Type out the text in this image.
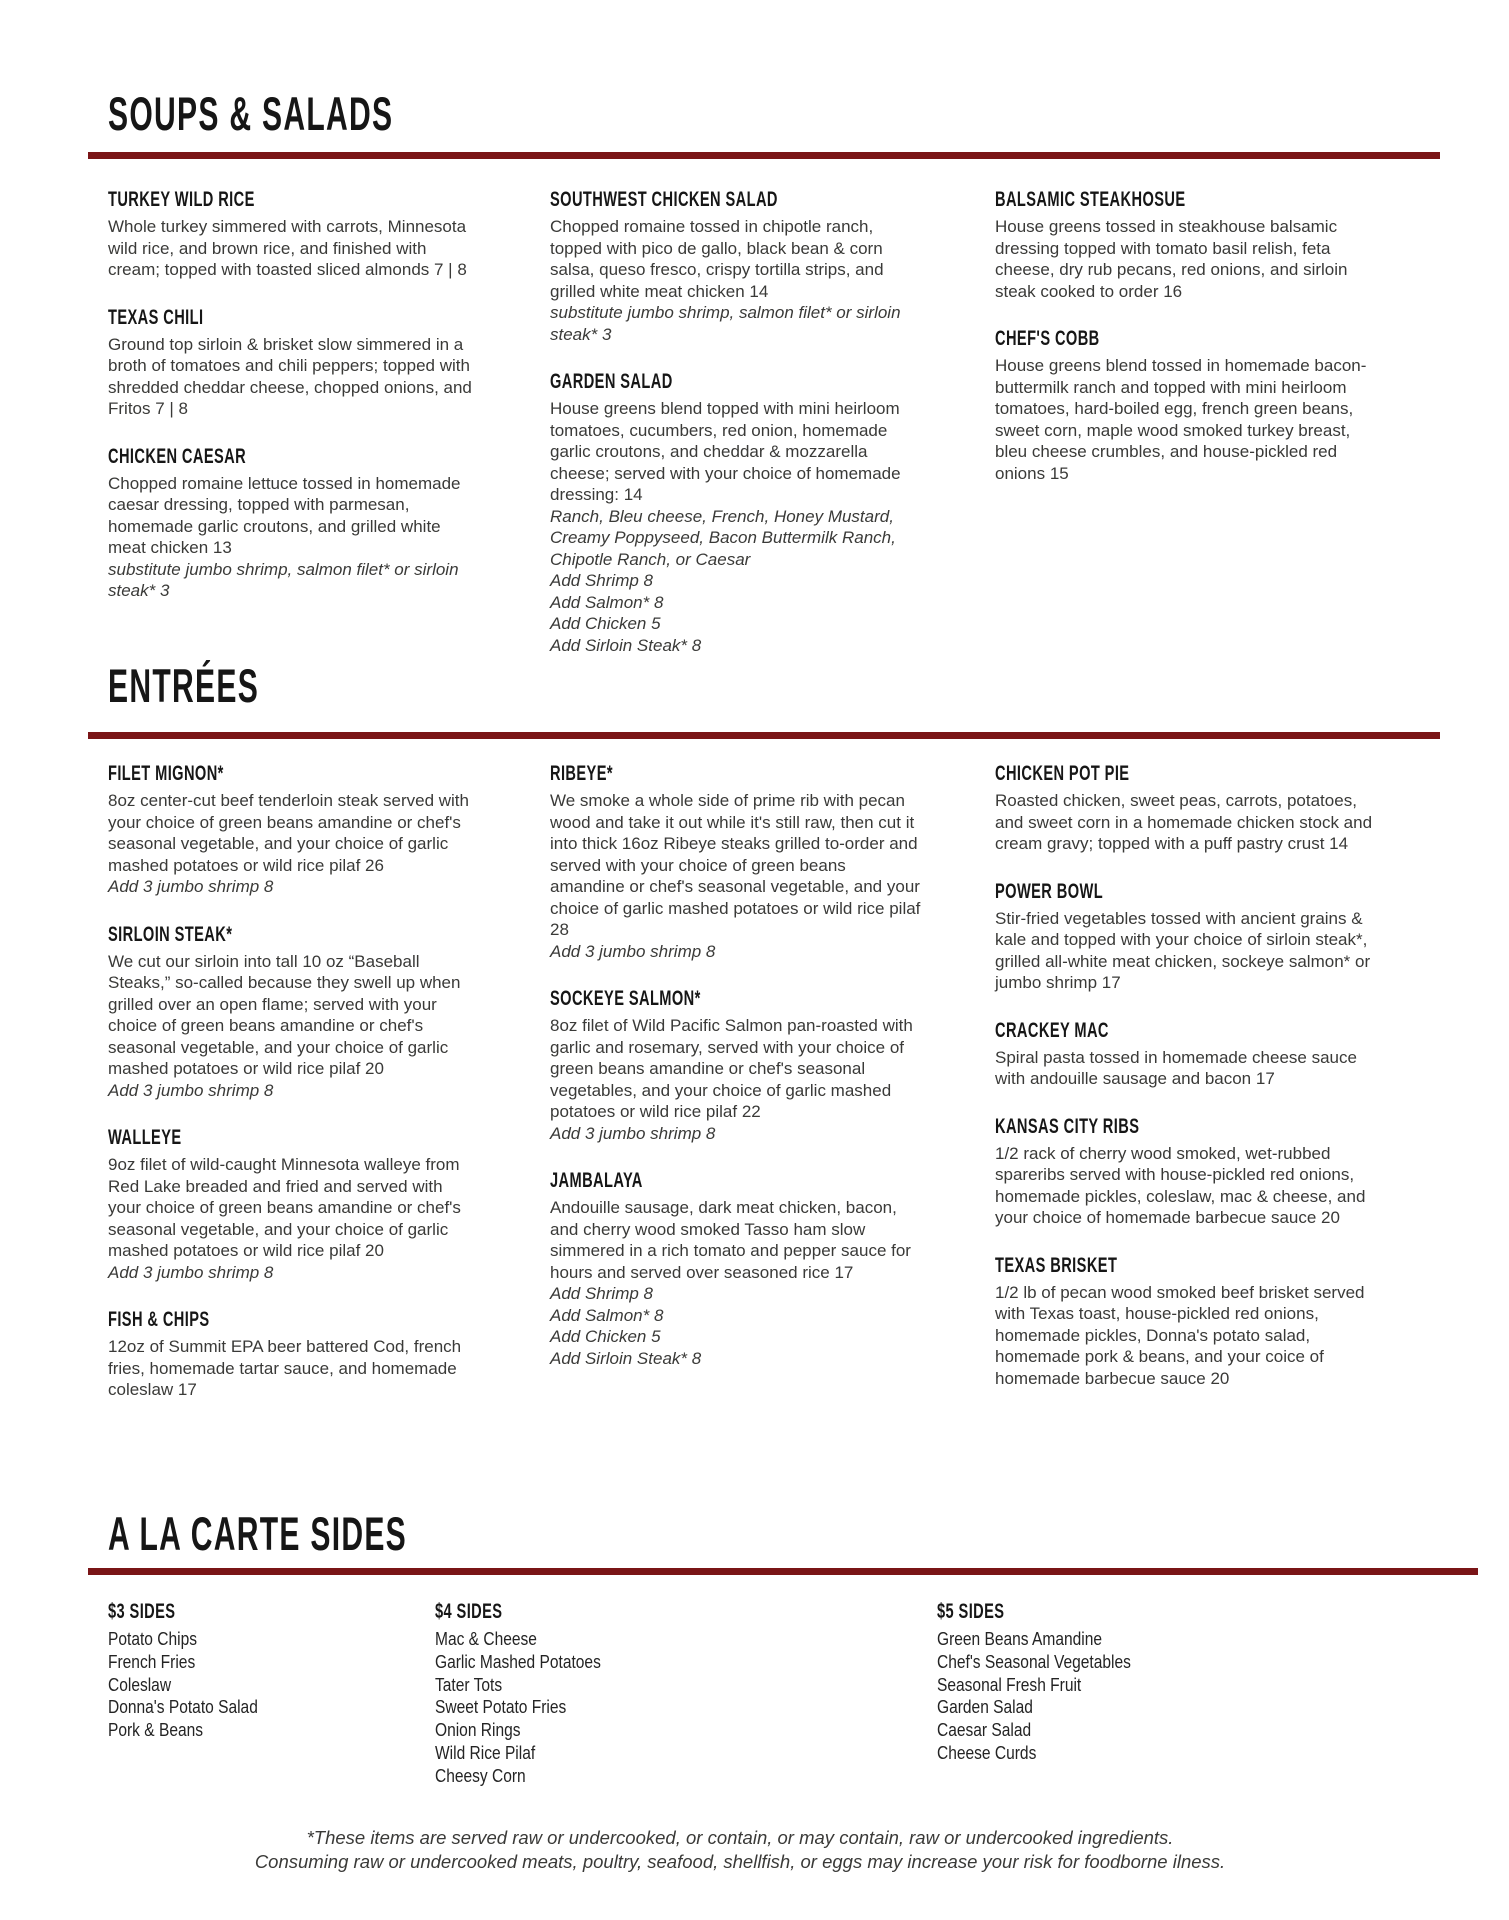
SOUPS & SALADS
TURKEY WILD RICE

Whole turkey simmered with carrots, Minnesota wild rice, and brown rice, and finished with cream; topped with toasted sliced almonds 7 | 8

TEXAS CHILI

Ground top sirloin & brisket slow simmered in a broth of tomatoes and chili peppers; topped with shredded cheddar cheese, chopped onions, and Fritos 7 | 8

CHICKEN CAESAR

Chopped romaine lettuce tossed in homemade caesar dressing, topped with parmesan, homemade garlic croutons, and grilled white meat chicken 13

substitute jumbo shrimp, salmon filet* or sirloin steak* 3

SOUTHWEST CHICKEN SALAD

Chopped romaine tossed in chipotle ranch, topped with pico de gallo, black bean & corn salsa, queso fresco, crispy tortilla strips, and grilled white meat chicken 14

substitute jumbo shrimp, salmon filet* or sirloin steak* 3

GARDEN SALAD

House greens blend topped with mini heirloom tomatoes, cucumbers, red onion, homemade garlic croutons, and cheddar & mozzarella cheese; served with your choice of homemade dressing: 14

Ranch, Bleu cheese, French, Honey Mustard, Creamy Poppyseed, Bacon Buttermilk Ranch, Chipotle Ranch, or Caesar

Add Shrimp 8

Add Salmon* 8

Add Chicken 5

Add Sirloin Steak* 8

BALSAMIC STEAKHOSUE

House greens tossed in steakhouse balsamic dressing topped with tomato basil relish, feta cheese, dry rub pecans, red onions, and sirloin steak cooked to order 16

CHEF'S COBB

House greens blend tossed in homemade bacon-buttermilk ranch and topped with mini heirloom tomatoes, hard-boiled egg, french green beans, sweet corn, maple wood smoked turkey breast, bleu cheese crumbles, and house-pickled red onions 15

ENTRÉES
FILET MIGNON*

8oz center-cut beef tenderloin steak served with your choice of green beans amandine or chef's seasonal vegetable, and your choice of garlic mashed potatoes or wild rice pilaf 26

Add 3 jumbo shrimp 8

SIRLOIN STEAK*

We cut our sirloin into tall 10 oz “Baseball Steaks,” so-called because they swell up when grilled over an open flame; served with your choice of green beans amandine or chef's seasonal vegetable, and your choice of garlic mashed potatoes or wild rice pilaf 20

Add 3 jumbo shrimp 8

WALLEYE

9oz filet of wild-caught Minnesota walleye from Red Lake breaded and fried and served with your choice of green beans amandine or chef's seasonal vegetable, and your choice of garlic mashed potatoes or wild rice pilaf 20

Add 3 jumbo shrimp 8

FISH & CHIPS

12oz of Summit EPA beer battered Cod, french fries, homemade tartar sauce, and homemade coleslaw 17

RIBEYE*

We smoke a whole side of prime rib with pecan wood and take it out while it's still raw, then cut it into thick 16oz Ribeye steaks grilled to-order and served with your choice of green beans amandine or chef's seasonal vegetable, and your choice of garlic mashed potatoes or wild rice pilaf 28

Add 3 jumbo shrimp 8

SOCKEYE SALMON*

8oz filet of Wild Pacific Salmon pan-roasted with garlic and rosemary, served with your choice of green beans amandine or chef's seasonal vegetables, and your choice of garlic mashed potatoes or wild rice pilaf 22

Add 3 jumbo shrimp 8

JAMBALAYA

Andouille sausage, dark meat chicken, bacon, and cherry wood smoked Tasso ham slow simmered in a rich tomato and pepper sauce for hours and served over seasoned rice 17

Add Shrimp 8

Add Salmon* 8

Add Chicken 5

Add Sirloin Steak* 8

CHICKEN POT PIE

Roasted chicken, sweet peas, carrots, potatoes, and sweet corn in a homemade chicken stock and cream gravy; topped with a puff pastry crust 14

POWER BOWL

Stir-fried vegetables tossed with ancient grains & kale and topped with your choice of sirloin steak*, grilled all-white meat chicken, sockeye salmon* or jumbo shrimp 17

CRACKEY MAC

Spiral pasta tossed in homemade cheese sauce with andouille sausage and bacon 17

KANSAS CITY RIBS

1/2 rack of cherry wood smoked, wet-rubbed spareribs served with house-pickled red onions, homemade pickles, coleslaw, mac & cheese, and your choice of homemade barbecue sauce 20

TEXAS BRISKET

1/2 lb of pecan wood smoked beef brisket served with Texas toast, house-pickled red onions, homemade pickles, Donna's potato salad, homemade pork & beans, and your coice of homemade barbecue sauce 20

A LA CARTE SIDES
$3 SIDES
Potato Chips
French Fries
Coleslaw
Donna's Potato Salad
Pork & Beans
$4 SIDES
Mac & Cheese
Garlic Mashed Potatoes
Tater Tots
Sweet Potato Fries
Onion Rings
Wild Rice Pilaf
Cheesy Corn
$5 SIDES
Green Beans Amandine
Chef's Seasonal Vegetables
Seasonal Fresh Fruit
Garden Salad
Caesar Salad
Cheese Curds
*These items are served raw or undercooked, or contain, or may contain, raw or undercooked ingredients.
Consuming raw or undercooked meats, poultry, seafood, shellfish, or eggs may increase your risk for foodborne ilness.
